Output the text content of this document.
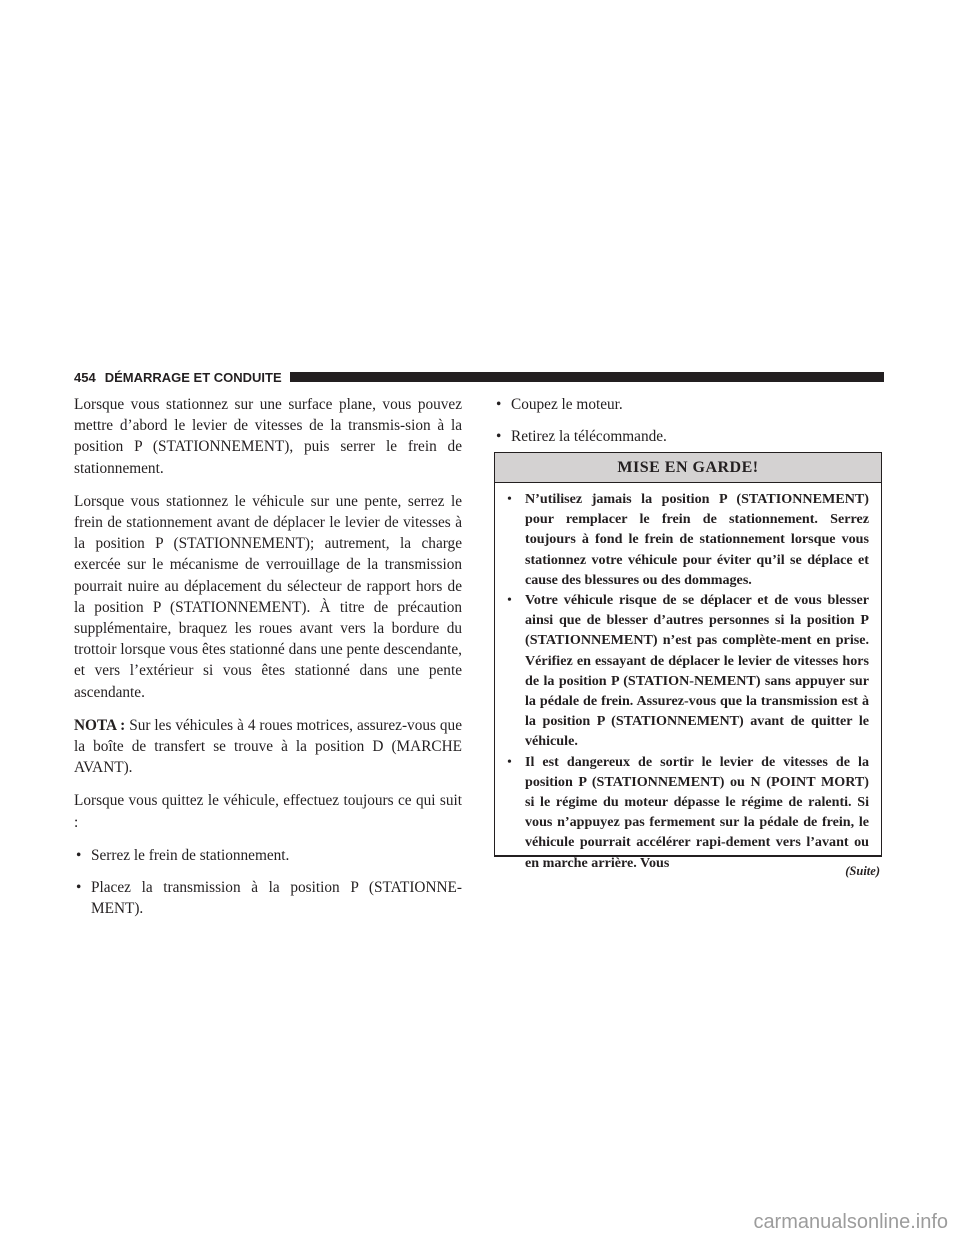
454 DÉMARRAGE ET CONDUITE

Lorsque vous stationnez sur une surface plane, vous pouvez mettre d’abord le levier de vitesses de la transmis-sion à la position P (STATIONNEMENT), puis serrer le frein de stationnement.

Lorsque vous stationnez le véhicule sur une pente, serrez le frein de stationnement avant de déplacer le levier de vitesses à la position P (STATIONNEMENT); autrement, la charge exercée sur le mécanisme de verrouillage de la transmission pourrait nuire au déplacement du sélecteur de rapport hors de la position P (STATIONNEMENT). À titre de précaution supplémentaire, braquez les roues avant vers la bordure du trottoir lorsque vous êtes stationné dans une pente descendante, et vers l’extérieur si vous êtes stationné dans une pente ascendante.

NOTA : Sur les véhicules à 4 roues motrices, assurez-vous que la boîte de transfert se trouve à la position D (MARCHE AVANT).

Lorsque vous quittez le véhicule, effectuez toujours ce qui suit :

• Serrez le frein de stationnement.
• Placez la transmission à la position P (STATIONNE-MENT).
• Coupez le moteur.
• Retirez la télécommande.
MISE EN GARDE!
• N’utilisez jamais la position P (STATIONNEMENT) pour remplacer le frein de stationnement. Serrez toujours à fond le frein de stationnement lorsque vous stationnez votre véhicule pour éviter qu’il se déplace et cause des blessures ou des dommages.
• Votre véhicule risque de se déplacer et de vous blesser ainsi que de blesser d’autres personnes si la position P (STATIONNEMENT) n’est pas complète-ment en prise. Vérifiez en essayant de déplacer le levier de vitesses hors de la position P (STATION-NEMENT) sans appuyer sur la pédale de frein. Assurez-vous que la transmission est à la position P (STATIONNEMENT) avant de quitter le véhicule.
• Il est dangereux de sortir le levier de vitesses de la position P (STATIONNEMENT) ou N (POINT MORT) si le régime du moteur dépasse le régime de ralenti. Si vous n’appuyez pas fermement sur la pédale de frein, le véhicule pourrait accélérer rapi-dement vers l’avant ou en marche arrière. Vous
(Suite)
carmanualsonline.info
